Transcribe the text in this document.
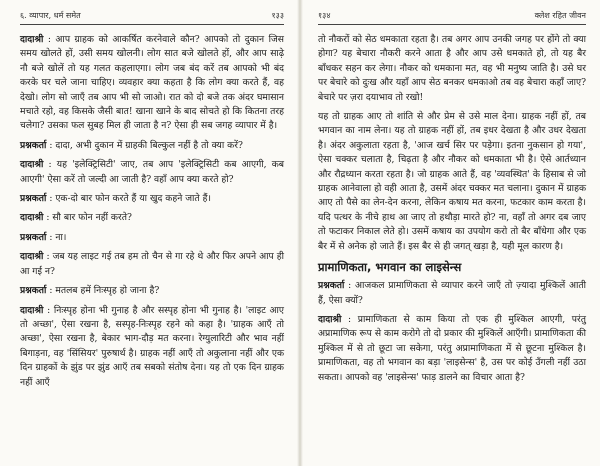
६. व्यापार, धर्म समेत	१३३

दादाश्री : आप ग्राहक को आकर्षित करनेवाले कौन? आपको तो दुकान जिस समय खोलते हों, उसी समय खोलनी। लोग सात बजे खोलते हों, और आप साढ़े नौ बजे खोलें तो यह गलत कहलाएगा। लोग जब बंद करें तब आपको भी बंद करके घर चले जाना चाहिए। व्यवहार क्या कहता है कि लोग क्या करते हैं, वह देखो। लोग सो जाएँ तब आप भी सो जाओ। रात को दो बजे तक अंदर घमासान मचाते रहो, वह किसके जैसी बात! खाना खाने के बाद सोचते हो कि कितना तरह चलेगा? उसका फल सुबह मिल ही जाता है न? ऐसा ही सब जगह व्यापार में है।

प्रश्नकर्ता : दादा, अभी दुकान में ग्राहकी बिल्कुल नहीं है तो क्या करें?

दादाश्री : यह 'इलेक्ट्रिसिटी' जाए, तब आप 'इलेक्ट्रिसिटी कब आएगी, कब आएगी' ऐसा करें तो जल्दी आ जाती है? वहाँ आप क्या करते हो?

प्रश्नकर्ता : एक-दो बार फोन करते हैं या खुद कहने जाते हैं।

दादाश्री : सौ बार फोन नहीं करते?

प्रश्नकर्ता : ना।

दादाश्री : जब यह लाइट गई तब हम तो चैन से गा रहे थे और फिर अपने आप ही आ गई न?

प्रश्नकर्ता : मतलब हमें निःस्पृह हो जाना है?

दादाश्री : निःस्पृह होना भी गुनाह है और सस्पृह होना भी गुनाह है। 'लाइट आए तो अच्छा', ऐसा रखना है, सस्पृह-निःस्पृह रहने को कहा है। 'ग्राहक आएँ तो अच्छा', ऐसा रखना है, बेकार भाग-दौड़ मत करना। रेग्युलारिटी और भाव नहीं बिगाड़ना, वह 'सिंसियर' पुरुषार्थ है। ग्राहक नहीं आएँ तो अकुलाना नहीं और एक दिन ग्राहकों के झुंड पर झुंड आएँ तब सबको संतोष देना। यह तो एक दिन ग्राहक नहीं आएँ

१३४	क्लेश रहित जीवन

तो नौकरों को सेठ धमकाता रहता है। तब अगर आप उनकी जगह पर होंगे तो क्या होगा? यह बेचारा नौकरी करने आता है और आप उसे धमकाते हो, तो यह बैर बाँधकर सहन कर लेगा। नौकर को धमकाना मत, वह भी मनुष्य जाति है। उसे घर पर बेचारे को दुःख और यहाँ आप सेठ बनकर धमकाओ तब वह बेचारा कहाँ जाए? बेचारे पर ज़रा दयाभाव तो रखो!

यह तो ग्राहक आए तो शांति से और प्रेम से उसे माल देना। ग्राहक नहीं हों, तब भगवान का नाम लेना। यह तो ग्राहक नहीं हों, तब इधर देखता है और उधर देखता है। अंदर अकुलाता रहता है, 'आज खर्च सिर पर पड़ेगा। इतना नुकसान हो गया', ऐसा चक्कर चलाता है, चिढ़ता है और नौकर को धमकाता भी है। ऐसे आर्तध्यान और रौद्रध्यान करता रहता है। जो ग्राहक आते हैं, वह 'व्यवस्थित' के हिसाब से जो ग्राहक आनेवाला हो वही आता है, उसमें अंदर चक्कर मत चलाना। दुकान में ग्राहक आए तो पैसे का लेन-देन करना, लेकिन कषाय मत करना, फटकार काम करता है। यदि पत्थर के नीचे हाथ आ जाए तो हथौड़ा मारते हो? ना, वहाँ तो अगर दब जाए तो फटाकर निकाल लेते हो। उसमें कषाय का उपयोग करो तो बैर बाँधेगा और एक बैर में से अनेक हो जाते हैं। इस बैर से ही जगत् खड़ा है, यही मूल कारण है।

प्रामाणिकता, भगवान का लाइसेन्स

प्रश्नकर्ता : आजकल प्रामाणिकता से व्यापार करने जाएँ तो ज़्यादा मुश्किलें आती हैं, ऐसा क्यों?

दादाश्री : प्रामाणिकता से काम किया तो एक ही मुश्किल आएगी, परंतु अप्रामाणिक रूप से काम करोगे तो दो प्रकार की मुश्किलें आएँगी। प्रामाणिकता की मुश्किल में से तो छूटा जा सकेगा, परंतु अप्रामाणिकता में से छूटना मुश्किल है। प्रामाणिकता, वह तो भगवान का बड़ा 'लाइसेन्स' है, उस पर कोई उँगली नहीं उठा सकता। आपको वह 'लाइसेन्स' फाड़ डालने का विचार आता है?
